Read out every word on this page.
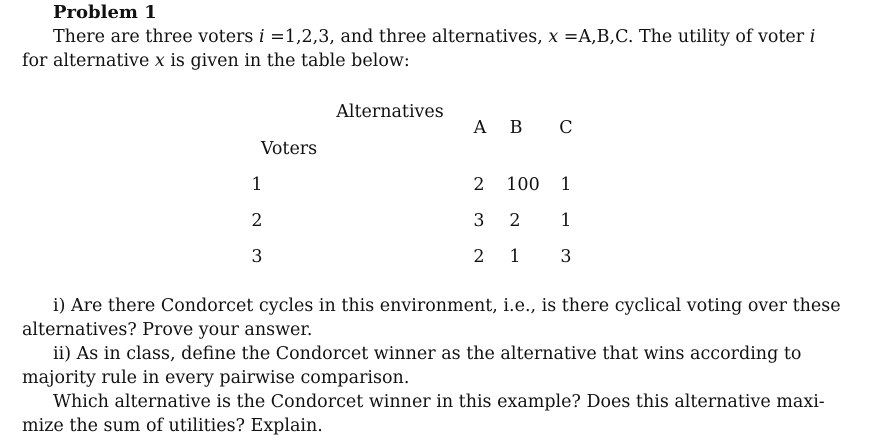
Problem 1
There are three voters i =1,2,3, and three alternatives, x =A,B,C. The utility of voter i
for alternative x is given in the table below:
Alternatives
Voters
A B C
1	2 100 1
2	3 2 1
3	2 1 3
i) Are there Condorcet cycles in this environment, i.e., is there cyclical voting over these
alternatives? Prove your answer.
ii) As in class, define the Condorcet winner as the alternative that wins according to
majority rule in every pairwise comparison.
Which alternative is the Condorcet winner in this example? Does this alternative maxi-
mize the sum of utilities? Explain.
